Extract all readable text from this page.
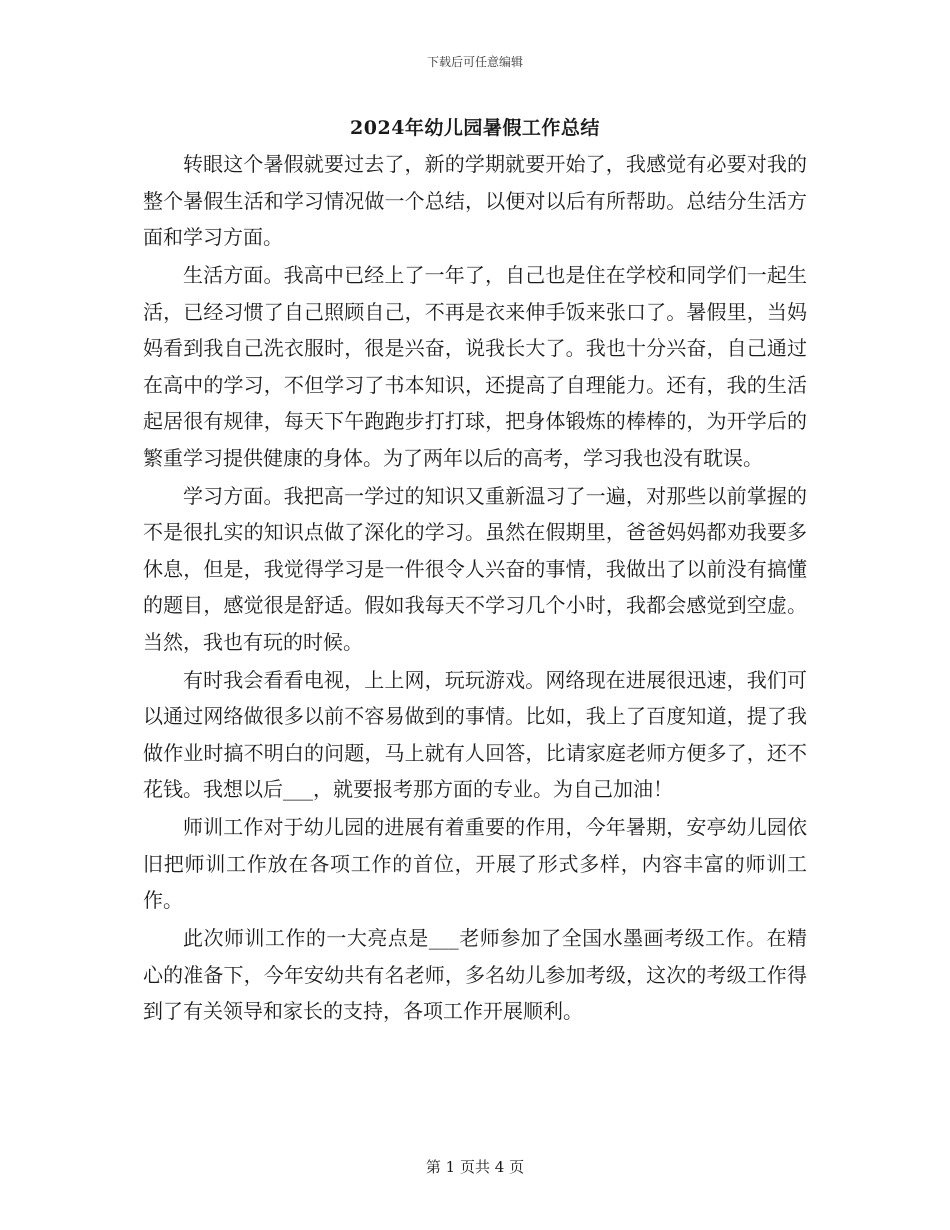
下载后可任意编辑
2024年幼儿园暑假工作总结

转眼这个暑假就要过去了，新的学期就要开始了，我感觉有必要对我的整个暑假生活和学习情况做一个总结，以便对以后有所帮助。总结分生活方面和学习方面。

生活方面。我高中已经上了一年了，自己也是住在学校和同学们一起生活，已经习惯了自己照顾自己，不再是衣来伸手饭来张口了。暑假里，当妈妈看到我自己洗衣服时，很是兴奋，说我长大了。我也十分兴奋，自己通过在高中的学习，不但学习了书本知识，还提高了自理能力。还有，我的生活起居很有规律，每天下午跑跑步打打球，把身体锻炼的棒棒的，为开学后的繁重学习提供健康的身体。为了两年以后的高考，学习我也没有耽误。

学习方面。我把高一学过的知识又重新温习了一遍，对那些以前掌握的不是很扎实的知识点做了深化的学习。虽然在假期里，爸爸妈妈都劝我要多休息，但是，我觉得学习是一件很令人兴奋的事情，我做出了以前没有搞懂的题目，感觉很是舒适。假如我每天不学习几个小时，我都会感觉到空虚。当然，我也有玩的时候。

有时我会看看电视，上上网，玩玩游戏。网络现在进展很迅速，我们可以通过网络做很多以前不容易做到的事情。比如，我上了百度知道，提了我做作业时搞不明白的问题，马上就有人回答，比请家庭老师方便多了，还不花钱。我想以后___，就要报考那方面的专业。为自己加油！

师训工作对于幼儿园的进展有着重要的作用，今年暑期，安亭幼儿园依旧把师训工作放在各项工作的首位，开展了形式多样，内容丰富的师训工作。

此次师训工作的一大亮点是___老师参加了全国水墨画考级工作。在精心的准备下，今年安幼共有名老师，多名幼儿参加考级，这次的考级工作得到了有关领导和家长的支持，各项工作开展顺利。

第 1 页共 4 页
